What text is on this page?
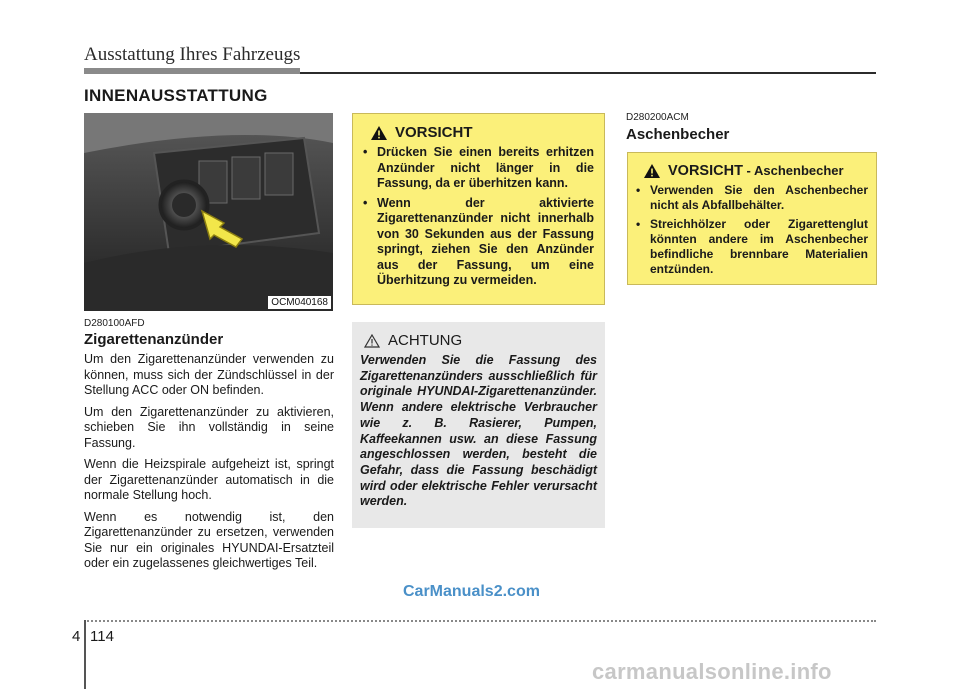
Ausstattung Ihres Fahrzeugs
INNENAUSSTATTUNG
OCM040168
D280100AFD
Zigarettenanzünder

Um den Zigarettenanzünder verwenden zu können, muss sich der Zündschlüssel in der Stellung ACC oder ON befinden.

Um den Zigarettenanzünder zu aktivieren, schieben Sie ihn vollständig in seine Fassung.

Wenn die Heizspirale aufgeheizt ist, springt der Zigarettenanzünder automatisch in die normale Stellung hoch.

Wenn es notwendig ist, den Zigarettenanzünder zu ersetzen, verwenden Sie nur ein originales HYUNDAI-Ersatzteil oder ein zugelassenes gleichwertiges Teil.

VORSICHT
• Drücken Sie einen bereits erhitzen Anzünder nicht länger in die Fassung, da er überhitzen kann.
• Wenn der aktivierte Zigarettenanzünder nicht innerhalb von 30 Sekunden aus der Fassung springt, ziehen Sie den Anzünder aus der Fassung, um eine Überhitzung zu vermeiden.
ACHTUNG

Verwenden Sie die Fassung des Zigarettenanzünders ausschließlich für originale HYUNDAI-Zigarettenanzünder. Wenn andere elektrische Verbraucher wie z. B. Rasierer, Pumpen, Kaffeekannen usw. an diese Fassung angeschlossen werden, besteht die Gefahr, dass die Fassung beschädigt wird oder elektrische Fehler verursacht werden.

D280200ACM
Aschenbecher
VORSICHT - Aschenbecher
• Verwenden Sie den Aschenbecher nicht als Abfallbehälter.
• Streichhölzer oder Zigarettenglut könnten andere im Aschenbecher befindliche brennbare Materialien entzünden.
CarManuals2.com
4 114
carmanualsonline.info
